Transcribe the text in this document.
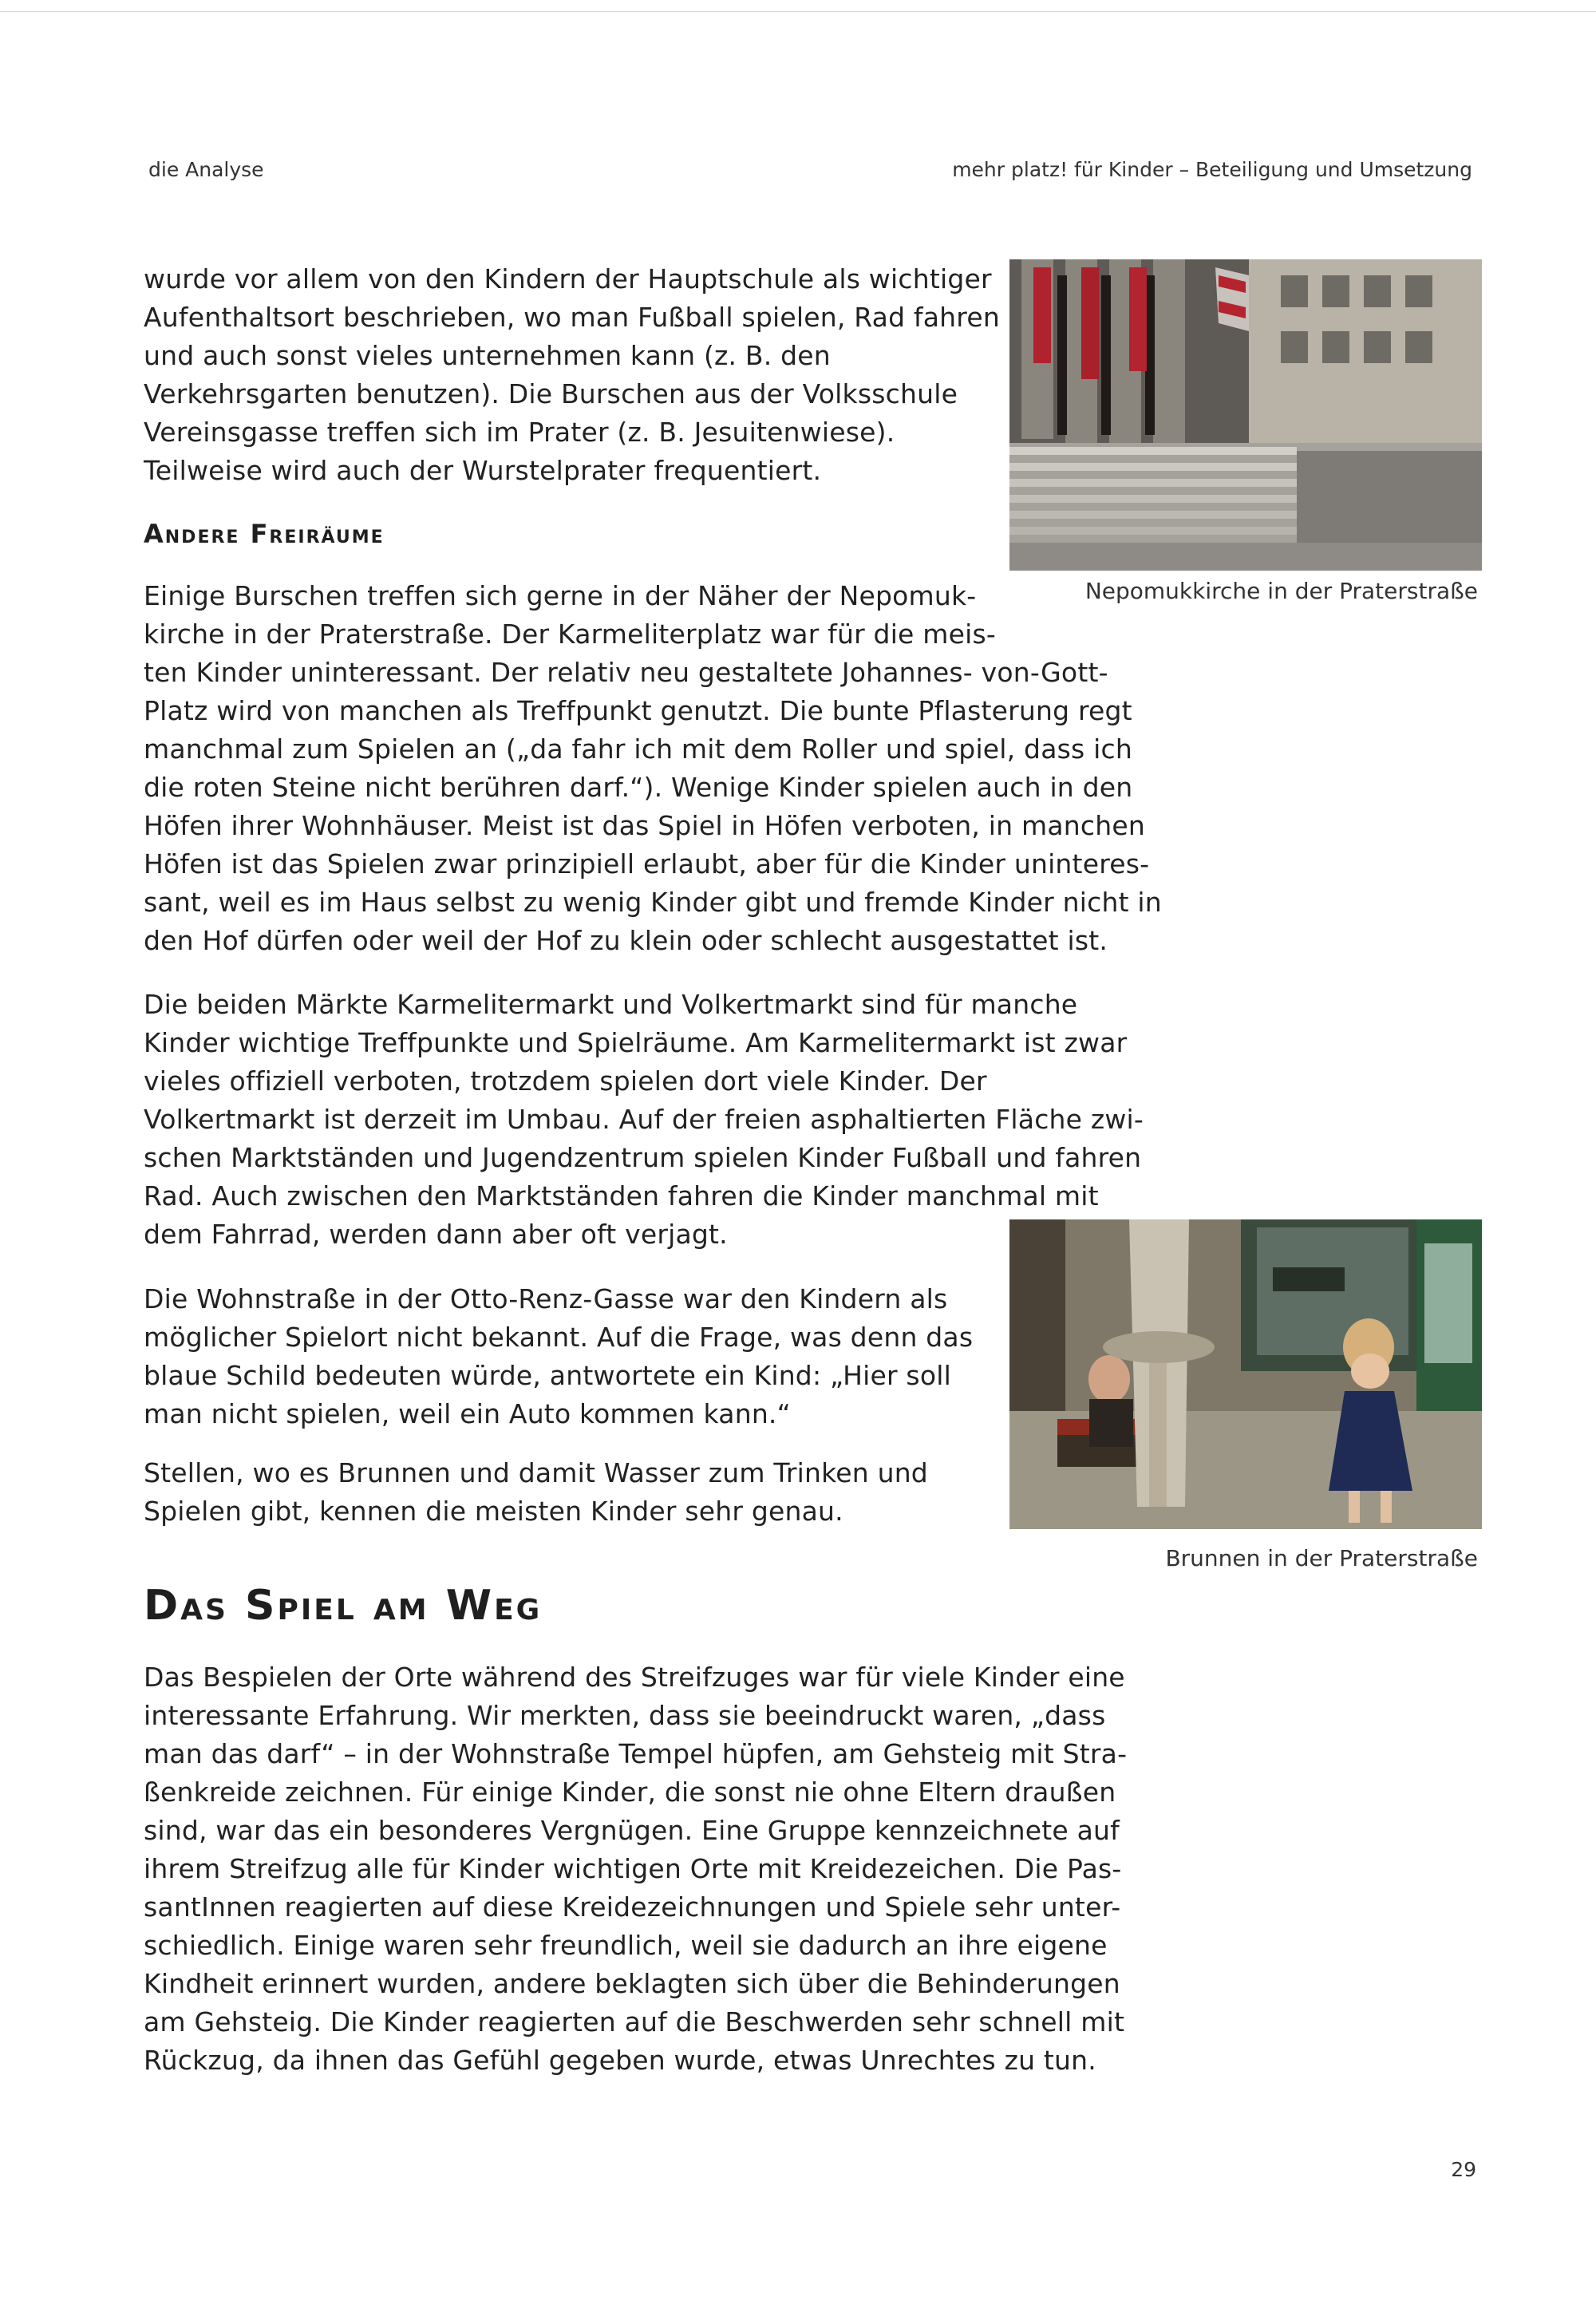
die Analyse	mehr platz! für Kinder – Beteiligung und Umsetzung

wurde vor allem von den Kindern der Hauptschule als wichtiger
Aufenthaltsort beschrieben, wo man Fußball spielen, Rad fahren
und auch sonst vieles unternehmen kann (z. B. den
Verkehrsgarten benutzen). Die Burschen aus der Volksschule
Vereinsgasse treffen sich im Prater (z. B. Jesuitenwiese).
Teilweise wird auch der Wurstelprater frequentiert.

Andere Freiräume

Einige Burschen treffen sich gerne in der Näher der Nepomuk-
kirche in der Praterstraße. Der Karmeliterplatz war für die meis-
ten Kinder uninteressant. Der relativ neu gestaltete Johannes- von-Gott-
Platz wird von manchen als Treffpunkt genutzt. Die bunte Pflasterung regt
manchmal zum Spielen an („da fahr ich mit dem Roller und spiel, dass ich
die roten Steine nicht berühren darf.“). Wenige Kinder spielen auch in den
Höfen ihrer Wohnhäuser. Meist ist das Spiel in Höfen verboten, in manchen
Höfen ist das Spielen zwar prinzipiell erlaubt, aber für die Kinder uninteres-
sant, weil es im Haus selbst zu wenig Kinder gibt und fremde Kinder nicht in
den Hof dürfen oder weil der Hof zu klein oder schlecht ausgestattet ist.

Die beiden Märkte Karmelitermarkt und Volkertmarkt sind für manche
Kinder wichtige Treffpunkte und Spielräume. Am Karmelitermarkt ist zwar
vieles offiziell verboten, trotzdem spielen dort viele Kinder. Der
Volkertmarkt ist derzeit im Umbau. Auf der freien asphaltierten Fläche zwi-
schen Marktständen und Jugendzentrum spielen Kinder Fußball und fahren
Rad. Auch zwischen den Marktständen fahren die Kinder manchmal mit
dem Fahrrad, werden dann aber oft verjagt.

Die Wohnstraße in der Otto-Renz-Gasse war den Kindern als
möglicher Spielort nicht bekannt. Auf die Frage, was denn das
blaue Schild bedeuten würde, antwortete ein Kind: „Hier soll
man nicht spielen, weil ein Auto kommen kann.“

Stellen, wo es Brunnen und damit Wasser zum Trinken und
Spielen gibt, kennen die meisten Kinder sehr genau.

Das Spiel am Weg

Das Bespielen der Orte während des Streifzuges war für viele Kinder eine
interessante Erfahrung. Wir merkten, dass sie beeindruckt waren, „dass
man das darf“ – in der Wohnstraße Tempel hüpfen, am Gehsteig mit Stra-
ßenkreide zeichnen. Für einige Kinder, die sonst nie ohne Eltern draußen
sind, war das ein besonderes Vergnügen. Eine Gruppe kennzeichnete auf
ihrem Streifzug alle für Kinder wichtigen Orte mit Kreidezeichen. Die Pas-
santInnen reagierten auf diese Kreidezeichnungen und Spiele sehr unter-
schiedlich. Einige waren sehr freundlich, weil sie dadurch an ihre eigene
Kindheit erinnert wurden, andere beklagten sich über die Behinderungen
am Gehsteig. Die Kinder reagierten auf die Beschwerden sehr schnell mit
Rückzug, da ihnen das Gefühl gegeben wurde, etwas Unrechtes zu tun.

Nepomukkirche in der Praterstraße
Brunnen in der Praterstraße
29
